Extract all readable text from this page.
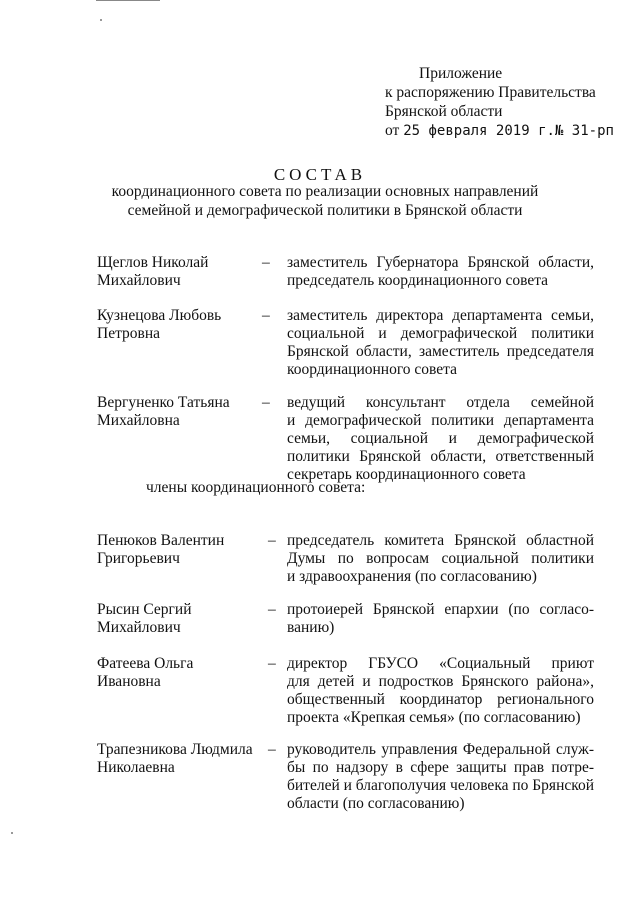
Приложение
к распоряжению Правительства
Брянской области
от 25 февраля 2019 г.№ 31-рп
СОСТАВ
координационного совета по реализации основных направлений
семейной и демографической политики в Брянской области
Щеглов Николай
Михайлович
– заместитель Губернатора Брянской области,
председатель координационного совета
Кузнецова Любовь
Петровна
– заместитель директора департамента семьи,
социальной и демографической политики
Брянской области, заместитель председателя
координационного совета
Вергуненко Татьяна
Михайловна
– ведущий консультант отдела семейной
и демографической политики департамента
семьи, социальной и демографической
политики Брянской области, ответственный
секретарь координационного совета
члены координационного совета:
Пенюков Валентин
Григорьевич
– председатель комитета Брянской областной
Думы по вопросам социальной политики
и здравоохранения (по согласованию)
Рысин Сергий
Михайлович
– протоиерей Брянской епархии (по согласо-
ванию)
Фатеева Ольга
Ивановна
– директор ГБУСО «Социальный приют
для детей и подростков Брянского района»,
общественный координатор регионального
проекта «Крепкая семья» (по согласованию)
Трапезникова Людмила
Николаевна
– руководитель управления Федеральной служ-
бы по надзору в сфере защиты прав потре-
бителей и благополучия человека по Брянской
области (по согласованию)
